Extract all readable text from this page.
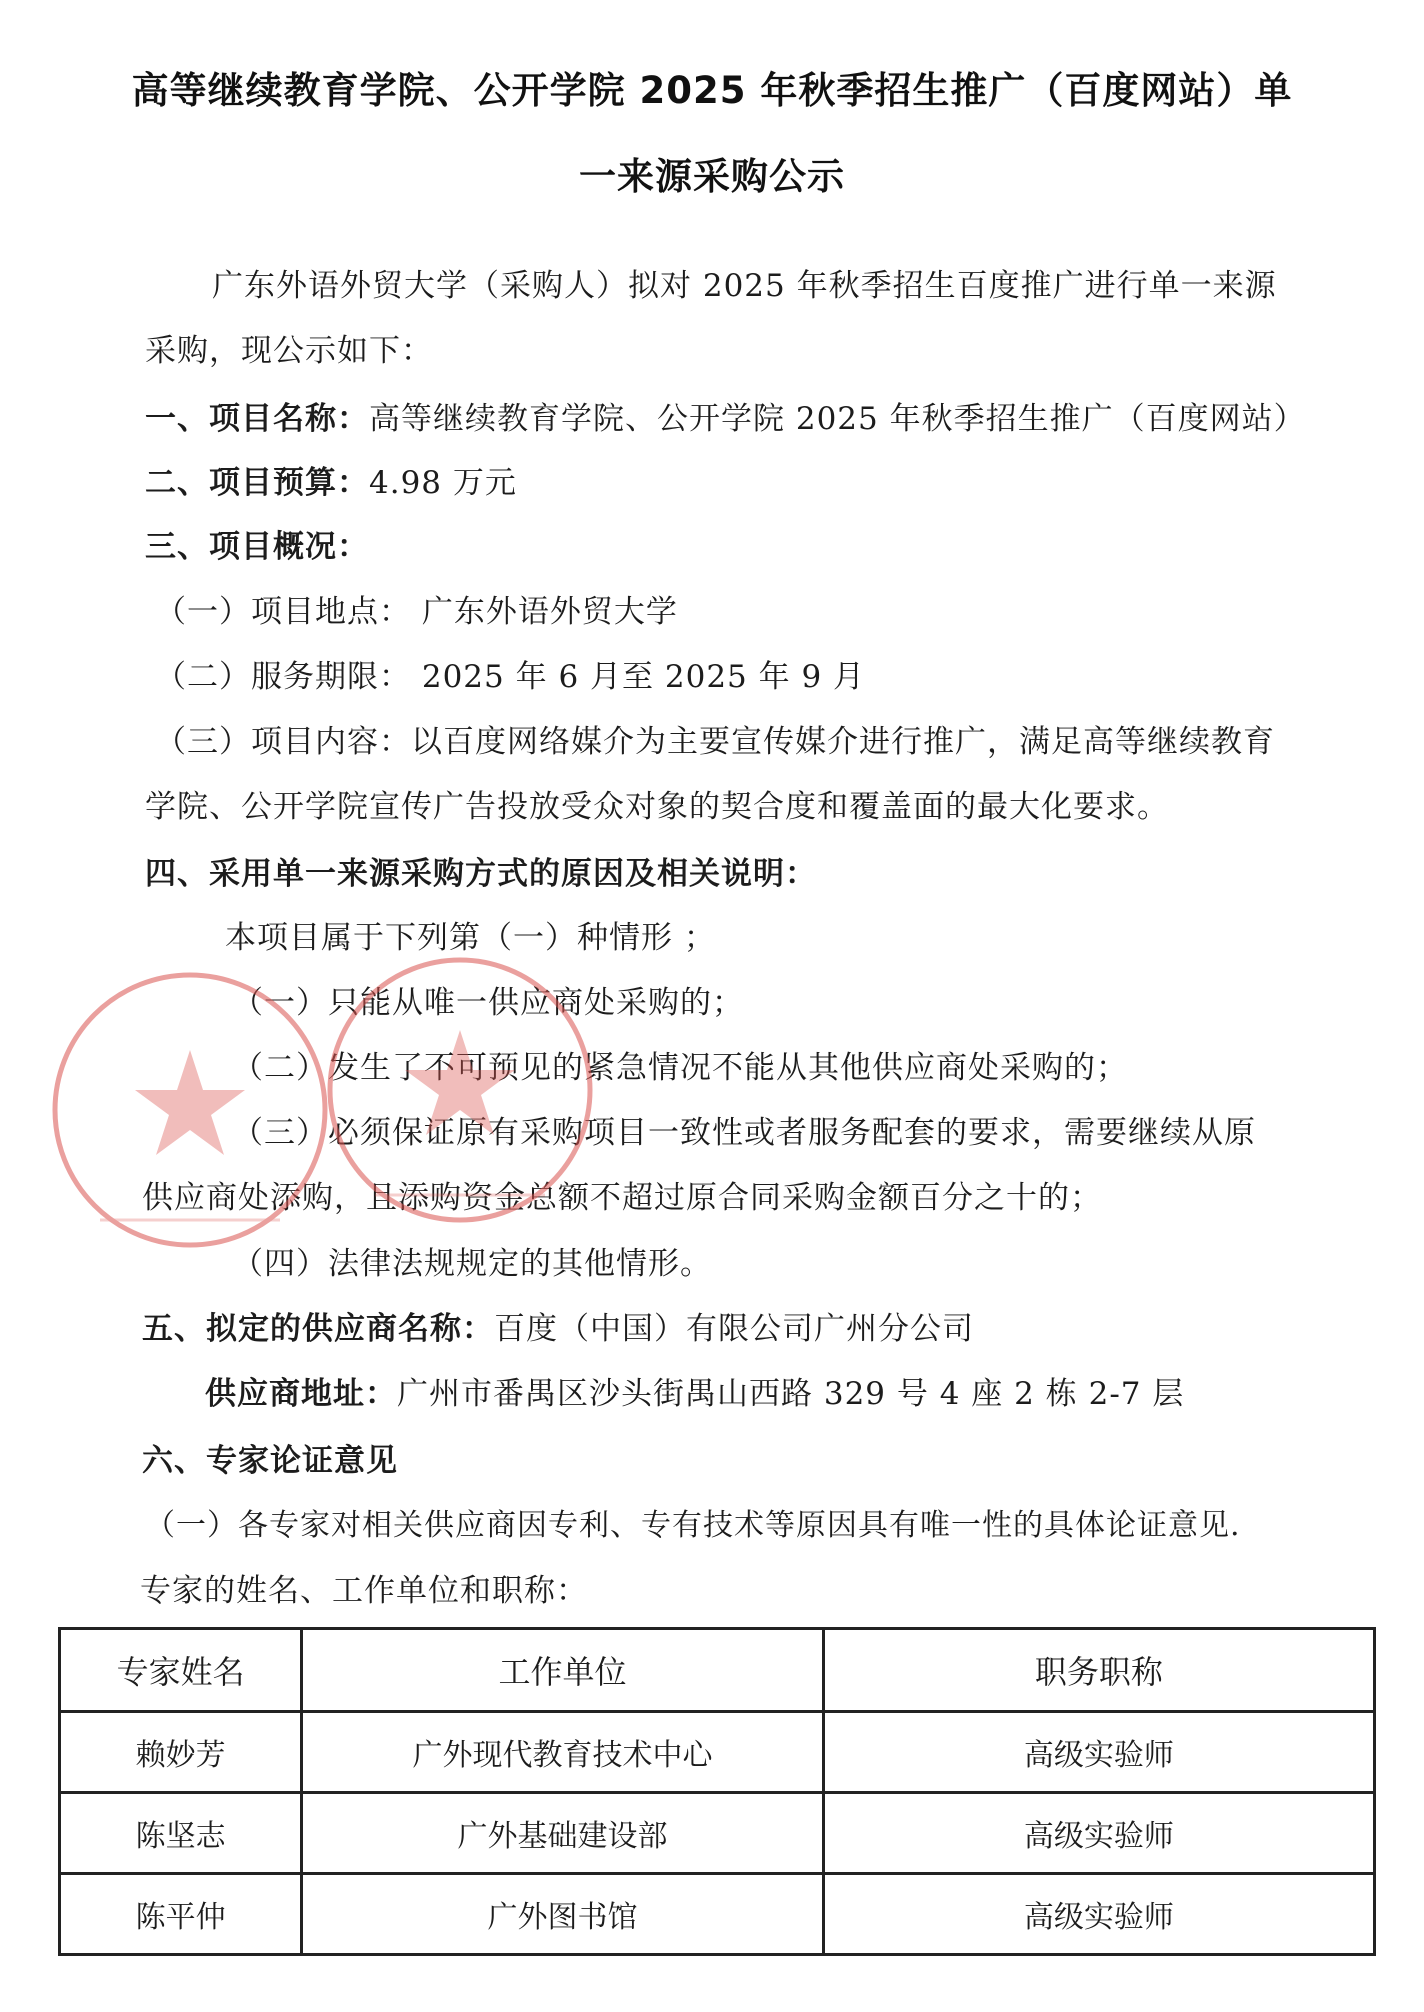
高等继续教育学院、公开学院 2025 年秋季招生推广（百度网站）单
一来源采购公示
广东外语外贸大学（采购人）拟对 2025 年秋季招生百度推广进行单一来源
采购，现公示如下：
一、项目名称：高等继续教育学院、公开学院 2025 年秋季招生推广（百度网站）
二、项目预算：4.98 万元
三、项目概况：
（一）项目地点： 广东外语外贸大学
（二）服务期限： 2025 年 6 月至 2025 年 9 月
（三）项目内容：以百度网络媒介为主要宣传媒介进行推广，满足高等继续教育
学院、公开学院宣传广告投放受众对象的契合度和覆盖面的最大化要求。
四、采用单一来源采购方式的原因及相关说明：
本项目属于下列第（一）种情形 ；
（一）只能从唯一供应商处采购的；
（二）发生了不可预见的紧急情况不能从其他供应商处采购的；
（三）必须保证原有采购项目一致性或者服务配套的要求，需要继续从原
供应商处添购，且添购资金总额不超过原合同采购金额百分之十的；
（四）法律法规规定的其他情形。
五、拟定的供应商名称：百度（中国）有限公司广州分公司
供应商地址：广州市番禺区沙头街禺山西路 329 号 4 座 2 栋 2-7 层
六、专家论证意见
（一）各专家对相关供应商因专利、专有技术等原因具有唯一性的具体论证意见.
专家的姓名、工作单位和职称：
专家姓名	工作单位	职务职称
赖妙芳	广外现代教育技术中心	高级实验师
陈坚志	广外基础建设部	高级实验师
陈平仲	广外图书馆	高级实验师
